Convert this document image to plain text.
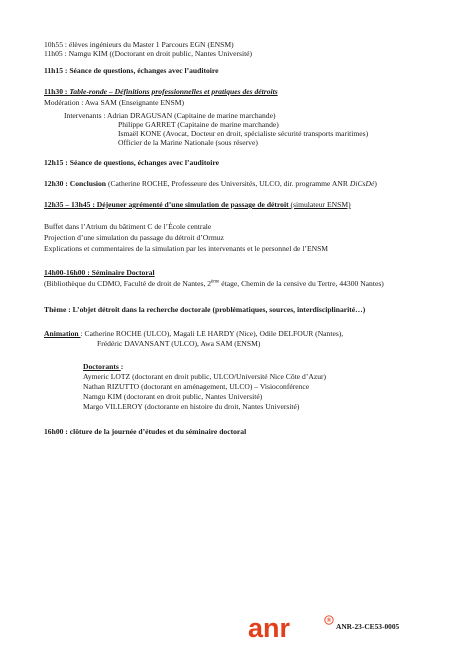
10h55 : élèves ingénieurs du Master 1 Parcours EGN (ENSM)
11h05 : Namgu KIM ((Doctorant en droit public, Nantes Université)
11h15 : Séance de questions, échanges avec l’auditoire
11h30 : Table-ronde – Définitions professionnelles et pratiques des détroits
Modération : Awa SAM (Enseignante ENSM)
Intervenants : Adrian DRAGUSAN (Capitaine de marine marchande)
Philippe GARRET (Capitaine de marine marchande)
Ismaël KONE (Avocat, Docteur en droit, spécialiste sécurité transports maritimes)
Officier de la Marine Nationale (sous réserve)
12h15 : Séance de questions, échanges avec l’auditoire
12h30 : Conclusion (Catherine ROCHE, Professeure des Universités, ULCO, dir. programme ANR DiCsDé)
12h35 – 13h45 : Déjeuner agrémenté d’une simulation de passage de détroit (simulateur ENSM)
Buffet dans l’Atrium du bâtiment C de l’École centrale
Projection d’une simulation du passage du détroit d’Ormuz
Explications et commentaires de la simulation par les intervenants et le personnel de l’ENSM
14h00-16h00 : Séminaire Doctoral
(Bibliothèque du CDMO, Faculté de droit de Nantes, 2ème étage, Chemin de la censive du Tertre, 44300 Nantes)
Thème : L’objet détroit dans la recherche doctorale (problématiques, sources, interdisciplinarité…)
Animation : Catherine ROCHE (ULCO), Magali LE HARDY (Nice), Odile DELFOUR (Nantes),
Frédéric DAVANSANT (ULCO), Awa SAM (ENSM)
Doctorants :
Aymeric LOTZ (doctorant en droit public, ULCO/Université Nice Côte d’Azur)
Nathan RIZUTTO (doctorant en aménagement, ULCO) – Visioconférence
Namgu KIM (doctorant en droit public, Nantes Université)
Margo VILLEROY (doctorante en histoire du droit, Nantes Université)
16h00 : clôture de la journée d’études et du séminaire doctoral
anr	®
ANR-23-CE53-0005
